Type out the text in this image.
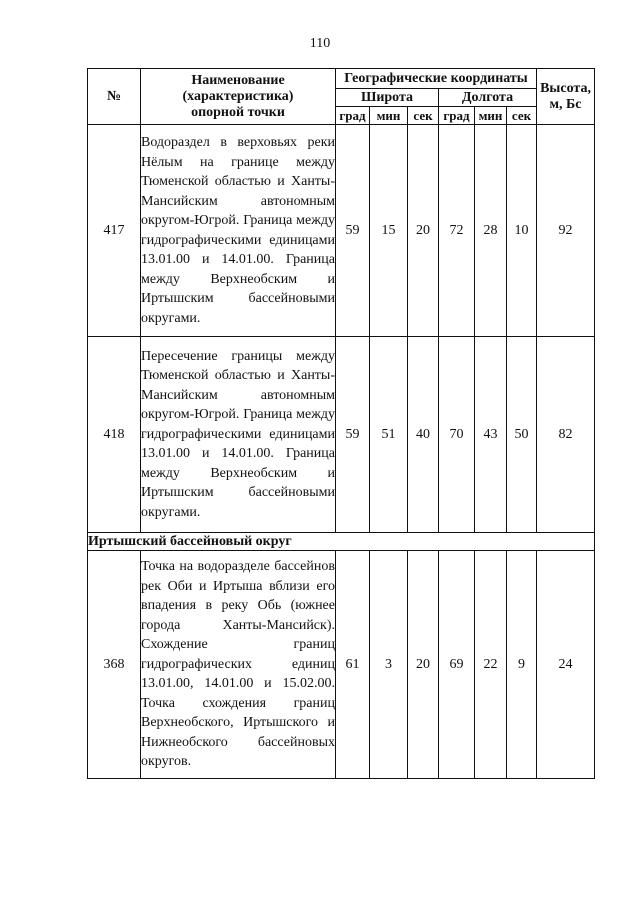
110
№	Наименование
(характеристика)
опорной точки	Географические координаты						Высота,
м, Бс
		Широта			Долгота			
		град	мин	сек	град	мин	сек	
417	Водораздел в верховьях реки Нёлым на границе между Тюменской областью и Ханты-Мансийским автономным округом-Югрой. Граница между гидрографическими единицами 13.01.00 и 14.01.00. Граница между Верхнеобским и Иртышским бассейновыми округами.	59	15	20	72	28	10	92
418	Пересечение границы между Тюменской областью и Ханты-Мансийским автономным округом-Югрой. Граница между гидрографическими единицами 13.01.00 и 14.01.00. Граница между Верхнеобским и Иртышским бассейновыми округами.	59	51	40	70	43	50	82
Иртышский бассейновый округ								
368	Точка на водоразделе бассейнов рек Оби и Иртыша вблизи его впадения в реку Обь (южнее города Ханты-Мансийск). Схождение границ гидрографических единиц 13.01.00, 14.01.00 и 15.02.00. Точка схождения границ Верхнеобского, Иртышского и Нижнеобского бассейновых округов.	61	3	20	69	22	9	24
